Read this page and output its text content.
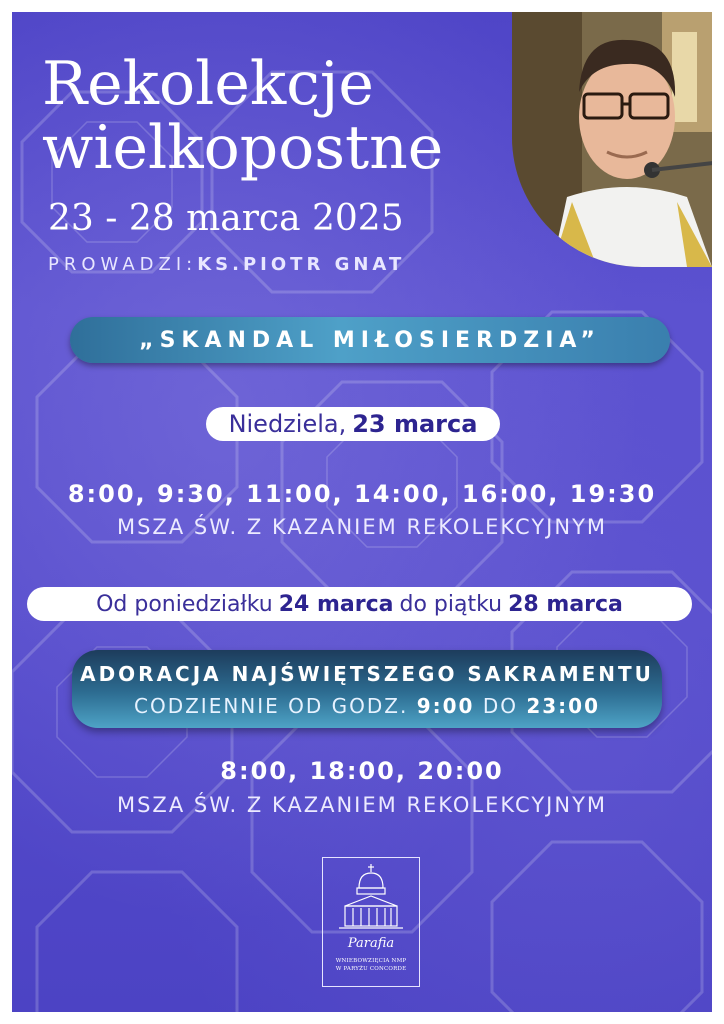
Rekolekcje
wielkopostne
23 - 28 marca 2025
PROWADZI:KS.PIOTR GNAT
„SKANDAL MIŁOSIERDZIA”
Niedziela, 23 marca
8:00, 9:30, 11:00, 14:00, 16:00, 19:30
MSZA ŚW. Z KAZANIEM REKOLEKCYJNYM
Od poniedziałku 24 marca do piątku 28 marca
ADORACJA NAJŚWIĘTSZEGO SAKRAMENTU
CODZIENNIE OD GODZ. 9:00 DO 23:00
8:00, 18:00, 20:00
MSZA ŚW. Z KAZANIEM REKOLEKCYJNYM
Parafia
WNIEBOWZIĘCIA NMP
W PARYŻU CONCORDE
